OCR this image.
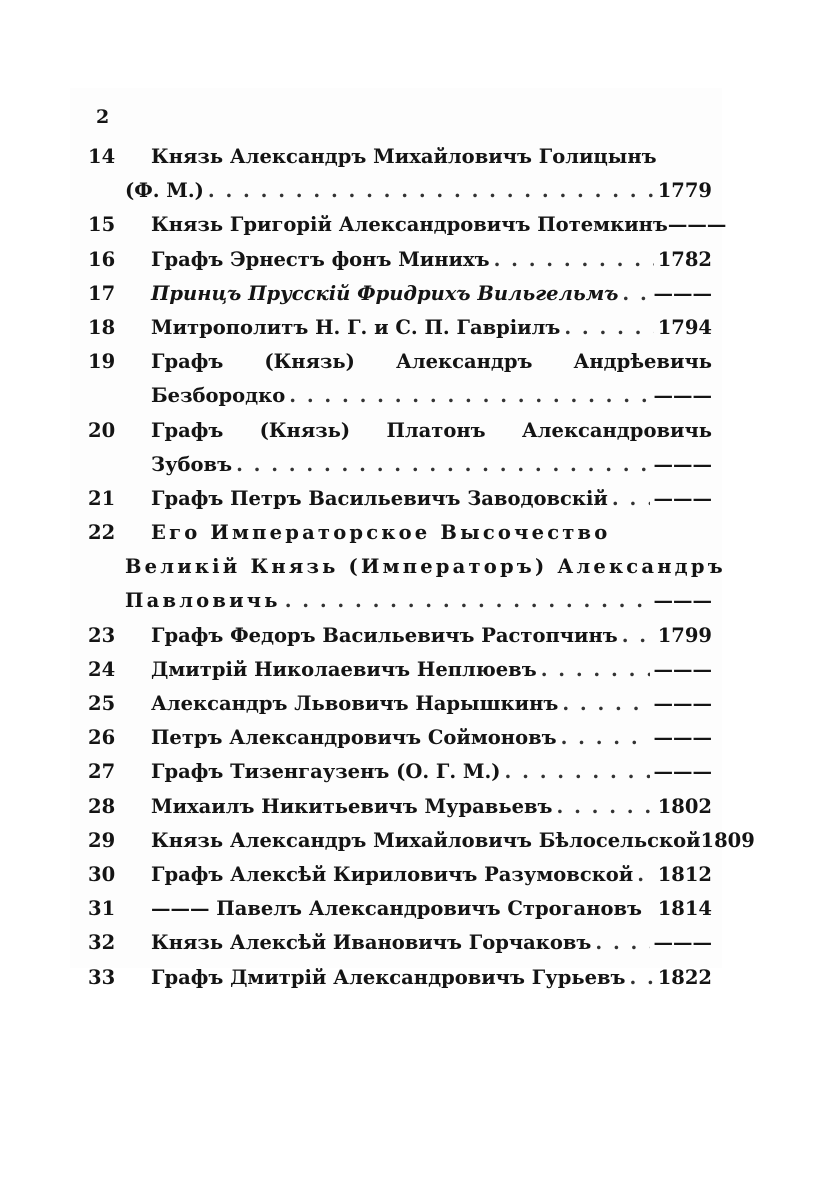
2
14	Князь Александръ Михайловичъ Голицынъ
(Ф. М.) . . .	1779
15	Князь Григорій Александровичъ Потемкинъ ———
16	Графъ Эрнестъ фонъ Минихъ . . .	1782
17	Принцъ Прусскій Фридрихъ Вильгельмъ . . . ———
18	Митрополитъ Н. Г. и С. П. Гавріилъ . . .	1794
19	Графъ (Князь) Александръ Андрѣевичь
Безбородко . . .	———
20	Графъ (Князь) Платонъ Александровичь
Зубовъ . . .	———
21	Графъ Петръ Васильевичъ Заводовскій . . . ———
22	Его Императорское Высочество
Великій Князь (Императоръ) Александръ
Павловичь . . .	———
23	Графъ Федоръ Васильевичъ Растопчинъ . . . 1799
24	Дмитрій Николаевичъ Неплюевъ . . .	———
25	Александръ Львовичъ Нарышкинъ . . .	———
26	Петръ Александровичъ Соймоновъ . . .	———
27	Графъ Тизенгаузенъ (О. Г. М.) . . .	———
28	Михаилъ Никитьевичъ Муравьевъ . . .	1802
29	Князь Александръ Михайловичъ Бѣлосельской 1809
30	Графъ Алексѣй Кириловичъ Разумовской . . . 1812
31	——— Павелъ Александровичъ Строгановъ 1814
32	Князь Алексѣй Ивановичъ Горчаковъ . . .	———
33	Графъ Дмитрій Александровичъ Гурьевъ . . . 1822
